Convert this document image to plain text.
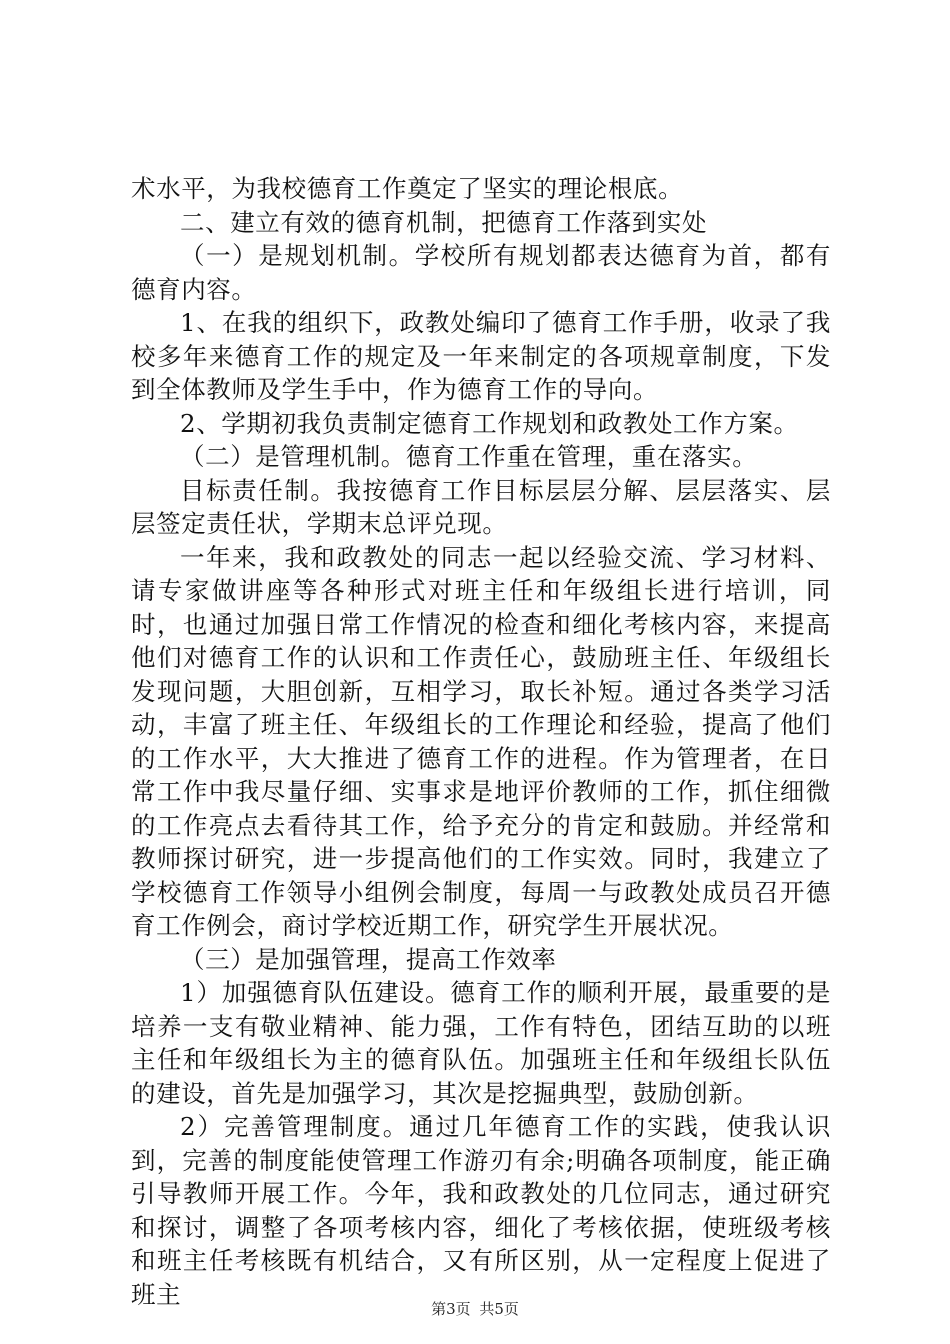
术水平，为我校德育工作奠定了坚实的理论根底。

二、建立有效的德育机制，把德育工作落到实处

（一）是规划机制。学校所有规划都表达德育为首，都有德育内容。

1、在我的组织下，政教处编印了德育工作手册，收录了我校多年来德育工作的规定及一年来制定的各项规章制度，下发到全体教师及学生手中，作为德育工作的导向。

2、学期初我负责制定德育工作规划和政教处工作方案。

（二）是管理机制。德育工作重在管理，重在落实。

目标责任制。我按德育工作目标层层分解、层层落实、层层签定责任状，学期末总评兑现。

一年来，我和政教处的同志一起以经验交流、学习材料、请专家做讲座等各种形式对班主任和年级组长进行培训，同时，也通过加强日常工作情况的检查和细化考核内容，来提高他们对德育工作的认识和工作责任心，鼓励班主任、年级组长发现问题，大胆创新，互相学习，取长补短。通过各类学习活动，丰富了班主任、年级组长的工作理论和经验，提高了他们的工作水平，大大推进了德育工作的进程。作为管理者，在日常工作中我尽量仔细、实事求是地评价教师的工作，抓住细微的工作亮点去看待其工作，给予充分的肯定和鼓励。并经常和教师探讨研究，进一步提高他们的工作实效。同时，我建立了学校德育工作领导小组例会制度，每周一与政教处成员召开德育工作例会，商讨学校近期工作，研究学生开展状况。

（三）是加强管理，提高工作效率

1）加强德育队伍建设。德育工作的顺利开展，最重要的是培养一支有敬业精神、能力强，工作有特色，团结互助的以班主任和年级组长为主的德育队伍。加强班主任和年级组长队伍的建设，首先是加强学习，其次是挖掘典型，鼓励创新。

2）完善管理制度。通过几年德育工作的实践，使我认识到，完善的制度能使管理工作游刃有余;明确各项制度，能正确引导教师开展工作。今年，我和政教处的几位同志，通过研究和探讨，调整了各项考核内容，细化了考核依据，使班级考核和班主任考核既有机结合，又有所区别，从一定程度上促进了班主

第3页 共5页
